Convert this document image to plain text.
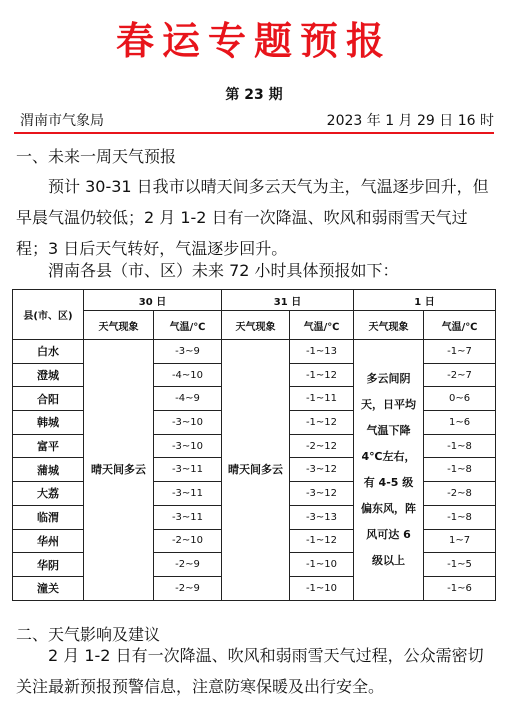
春运专题预报
第 23 期
渭南市气象局	2023 年 1 月 29 日 16 时
一、未来一周天气预报

预计 30-31 日我市以晴天间多云天气为主，气温逐步回升，但早晨气温仍较低；2 月 1-2 日有一次降温、吹风和弱雨雪天气过程；3 日后天气转好，气温逐步回升。

渭南各县（市、区）未来 72 小时具体预报如下：

县(市、区)	30 日		31 日		1 日	
	天气现象	气温/℃	天气现象	气温/℃	天气现象	气温/℃
白水	晴天间多云	-3~9	晴天间多云	-1~13	多云间阴天，日平均气温下降 4℃左右，有 4-5 级偏东风，阵风可达 6 级以上	-1~7
澄城		-4~10		-1~12		-2~7
合阳		-4~9		-1~11		0~6
韩城		-3~10		-1~12		1~6
富平		-3~10		-2~12		-1~8
蒲城		-3~11		-3~12		-1~8
大荔		-3~11		-3~12		-2~8
临渭		-3~11		-3~13		-1~8
华州		-2~10		-1~12		1~7
华阴		-2~9		-1~10		-1~5
潼关		-2~9		-1~10		-1~6
二、天气影响及建议

2 月 1-2 日有一次降温、吹风和弱雨雪天气过程，公众需密切关注最新预报预警信息，注意防寒保暖及出行安全。
